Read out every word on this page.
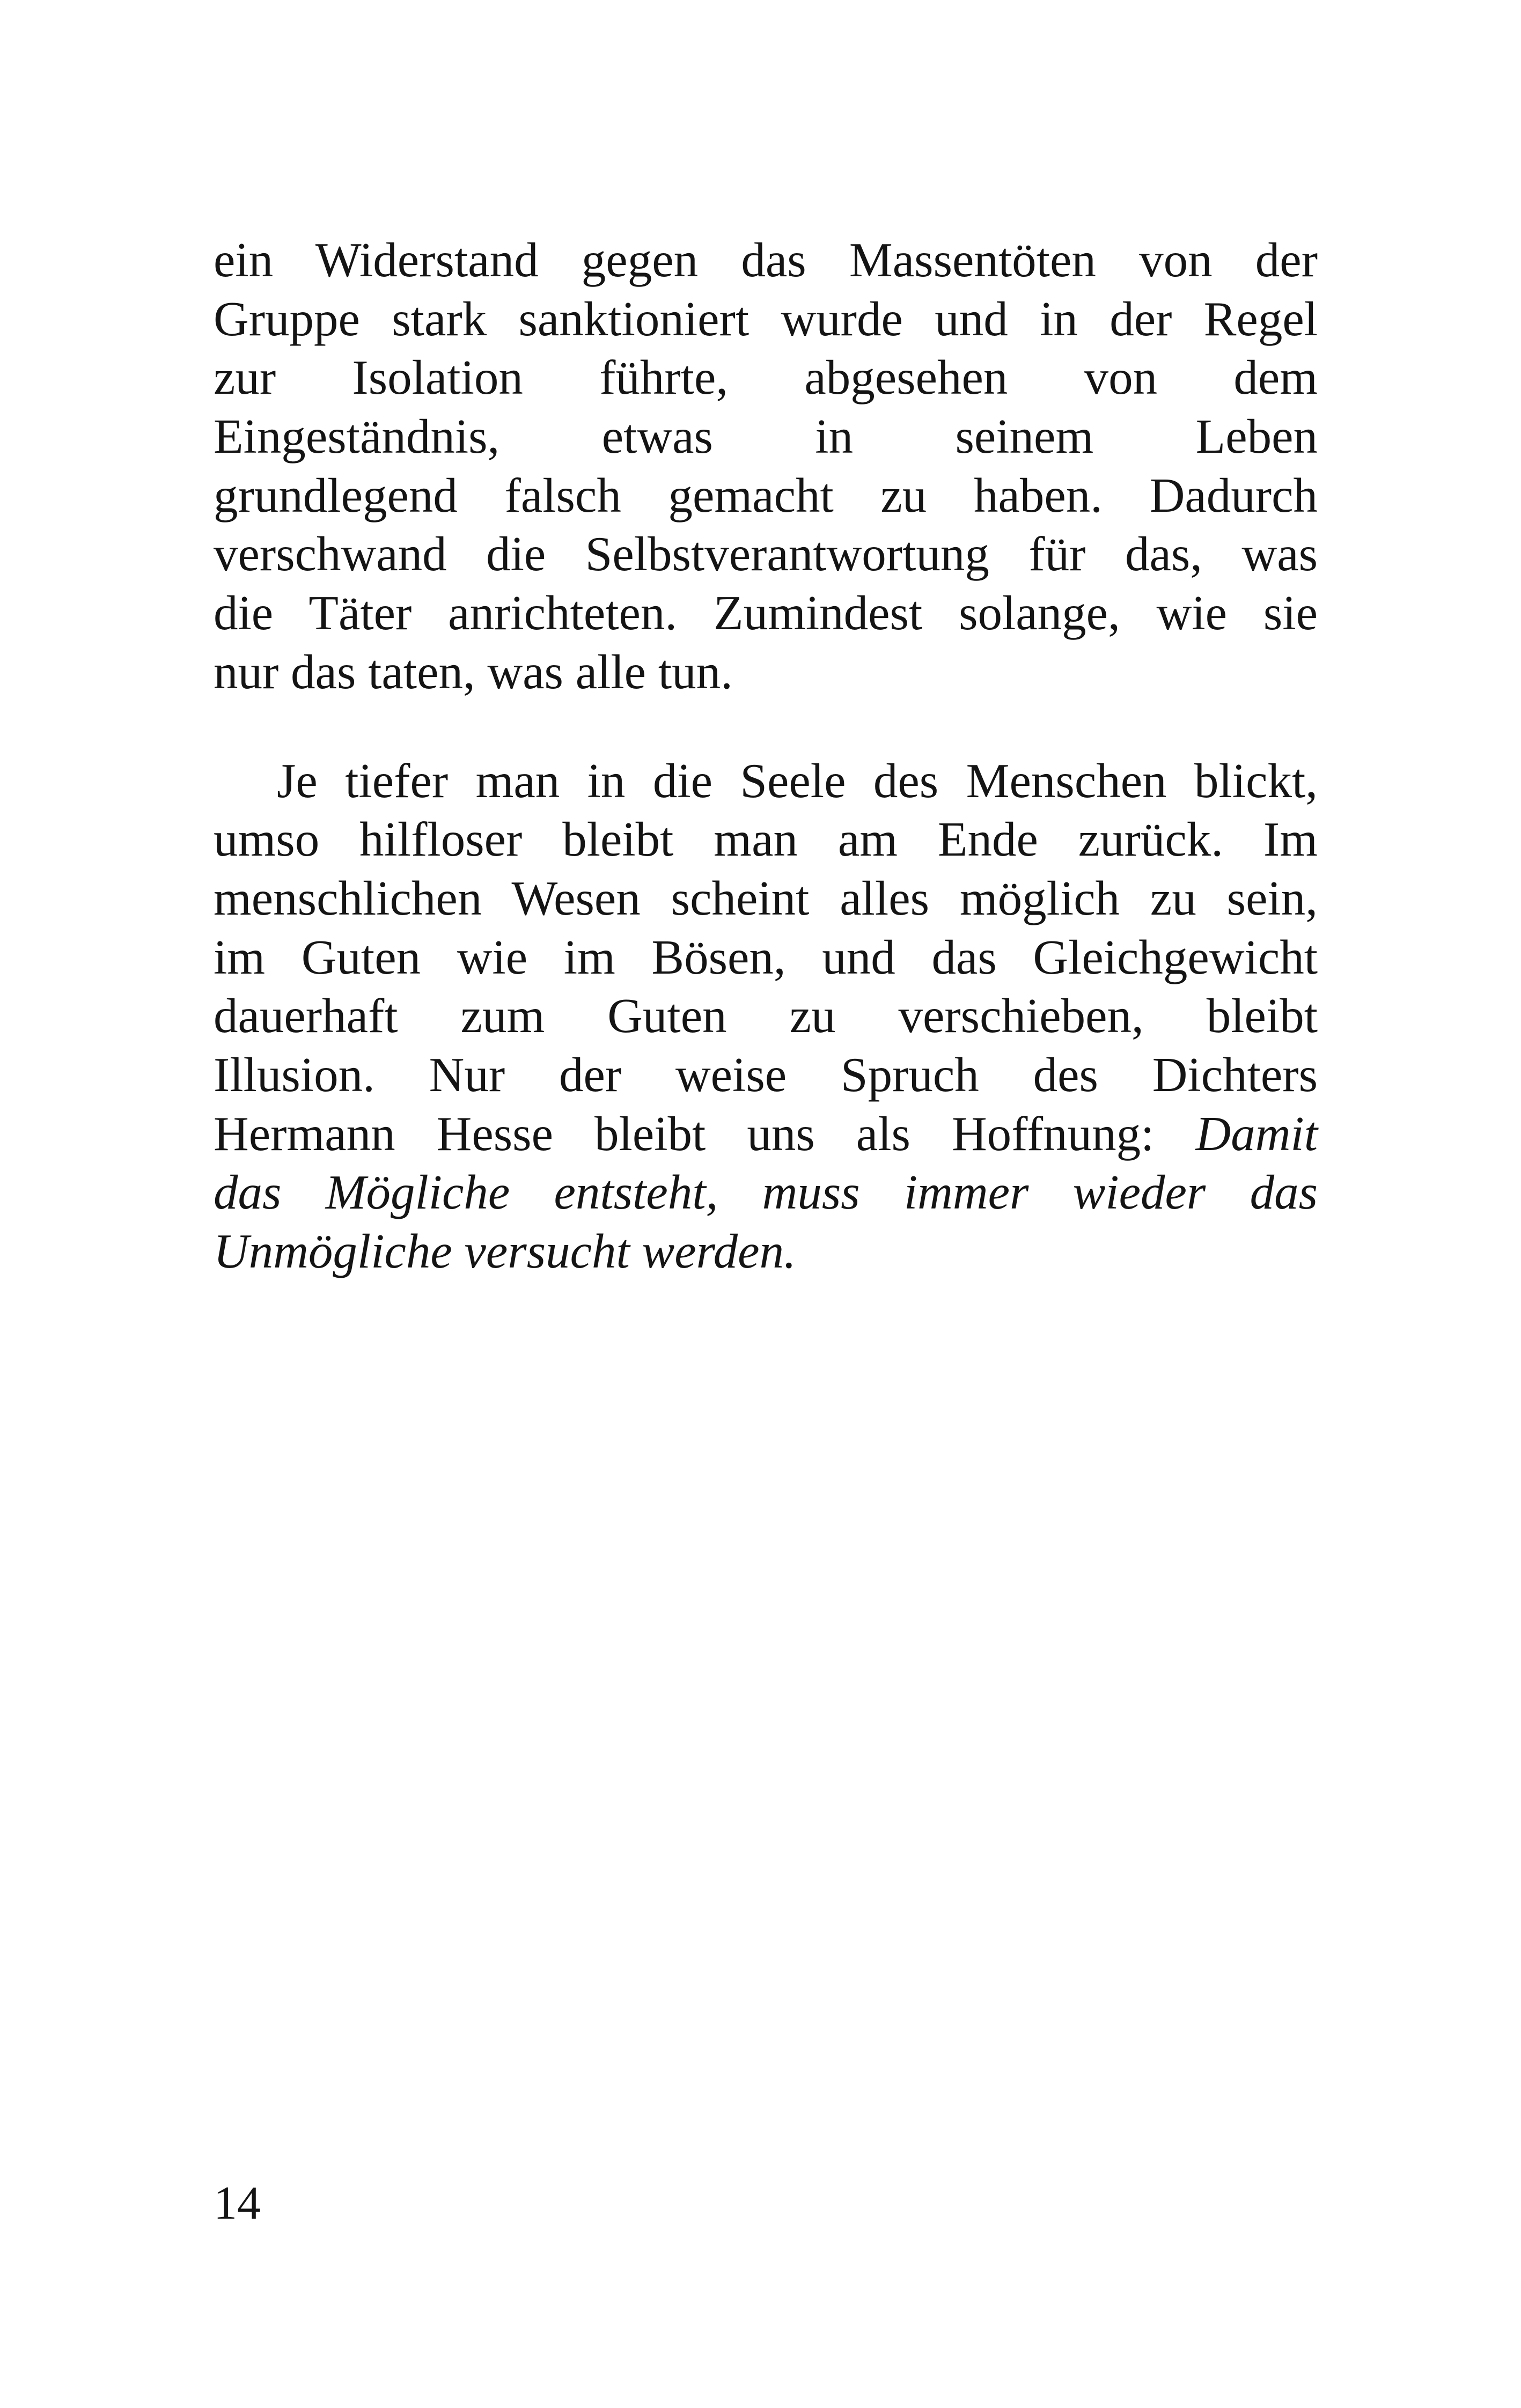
ein Widerstand gegen das Massentöten von der
Gruppe stark sanktioniert wurde und in der Regel
zur Isolation führte, abgesehen von dem
Eingeständnis, etwas in seinem Leben
grundlegend falsch gemacht zu haben. Dadurch
verschwand die Selbstverantwortung für das, was
die Täter anrichteten. Zumindest solange, wie sie
nur das taten, was alle tun.
Je tiefer man in die Seele des Menschen blickt,
umso hilfloser bleibt man am Ende zurück. Im
menschlichen Wesen scheint alles möglich zu sein,
im Guten wie im Bösen, und das Gleichgewicht
dauerhaft zum Guten zu verschieben, bleibt
Illusion. Nur der weise Spruch des Dichters
Hermann Hesse bleibt uns als Hoffnung: Damit
das Mögliche entsteht, muss immer wieder das
Unmögliche versucht werden.
14
